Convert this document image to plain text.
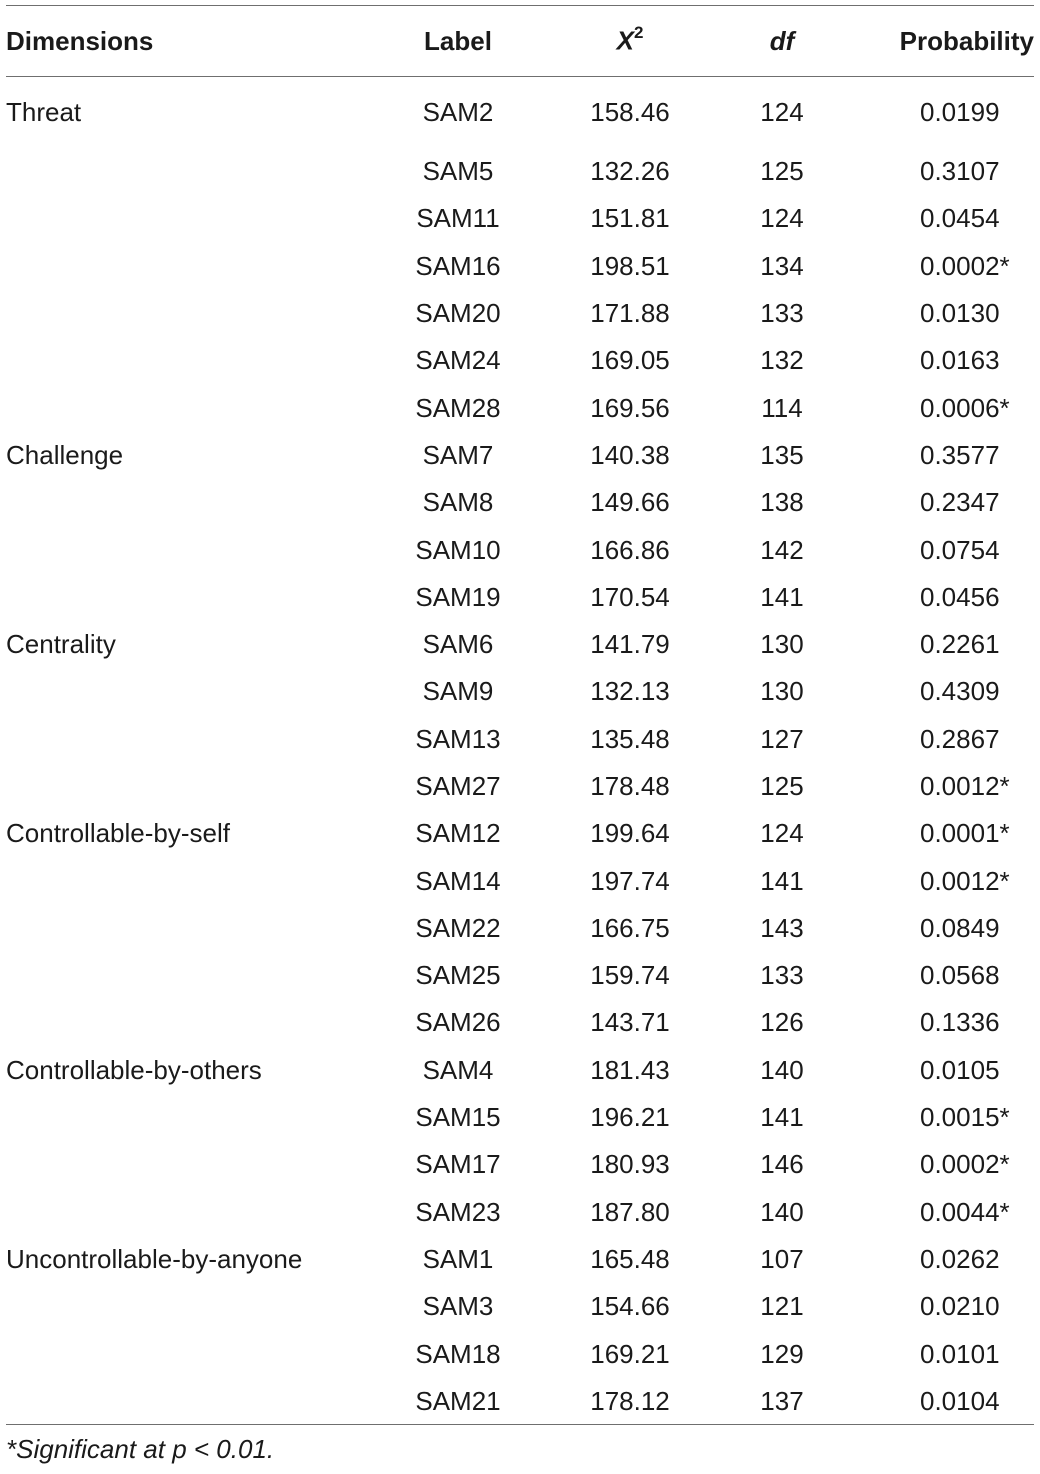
Dimensions	Label	$X^2$	df	Probability
Threat	SAM2	158.46	124	0.0199
	SAM5	132.26	125	0.3107
	SAM11	151.81	124	0.0454
	SAM16	198.51	134	0.0002*
	SAM20	171.88	133	0.0130
	SAM24	169.05	132	0.0163
	SAM28	169.56	114	0.0006*
Challenge	SAM7	140.38	135	0.3577
	SAM8	149.66	138	0.2347
	SAM10	166.86	142	0.0754
	SAM19	170.54	141	0.0456
Centrality	SAM6	141.79	130	0.2261
	SAM9	132.13	130	0.4309
	SAM13	135.48	127	0.2867
	SAM27	178.48	125	0.0012*
Controllable-by-self	SAM12	199.64	124	0.0001*
	SAM14	197.74	141	0.0012*
	SAM22	166.75	143	0.0849
	SAM25	159.74	133	0.0568
	SAM26	143.71	126	0.1336
Controllable-by-others	SAM4	181.43	140	0.0105
	SAM15	196.21	141	0.0015*
	SAM17	180.93	146	0.0002*
	SAM23	187.80	140	0.0044*
Uncontrollable-by-anyone	SAM1	165.48	107	0.0262
	SAM3	154.66	121	0.0210
	SAM18	169.21	129	0.0101
	SAM21	178.12	137	0.0104
*Significant at p < 0.01.
